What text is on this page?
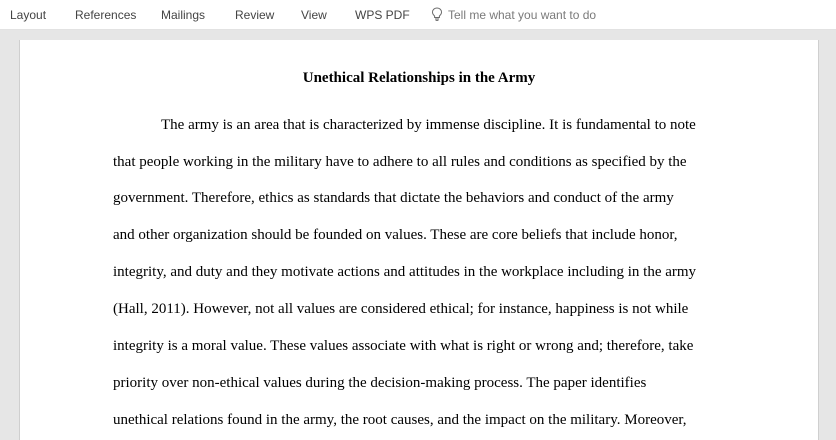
Layout References Mailings Review View WPS PDF	Tell me what you want to do
Unethical Relationships in the Army

The army is an area that is characterized by immense discipline. It is fundamental to note

that people working in the military have to adhere to all rules and conditions as specified by the

government. Therefore, ethics as standards that dictate the behaviors and conduct of the army

and other organization should be founded on values. These are core beliefs that include honor,

integrity, and duty and they motivate actions and attitudes in the workplace including in the army

(Hall, 2011). However, not all values are considered ethical; for instance, happiness is not while

integrity is a moral value. These values associate with what is right or wrong and; therefore, take

priority over non-ethical values during the decision-making process. The paper identifies

unethical relations found in the army, the root causes, and the impact on the military. Moreover,
